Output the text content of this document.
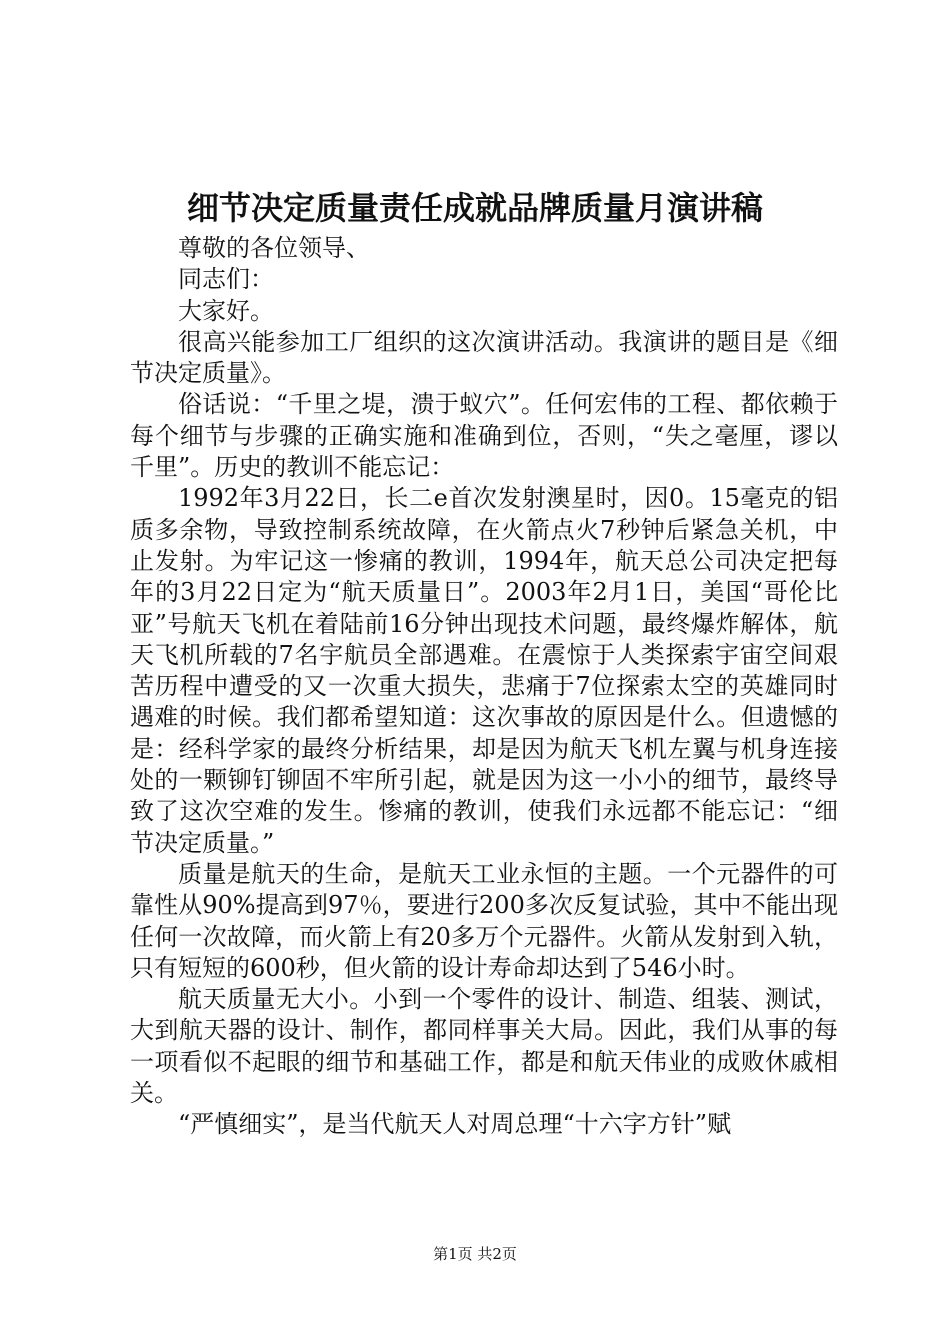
细节决定质量责任成就品牌质量月演讲稿

尊敬的各位领导、

同志们：

大家好。

很高兴能参加工厂组织的这次演讲活动。我演讲的题目是《细节决定质量》。

俗话说：“千里之堤，溃于蚁穴”。任何宏伟的工程、都依赖于每个细节与步骤的正确实施和准确到位，否则，“失之毫厘，谬以千里”。历史的教训不能忘记：

1992年3月22日，长二e首次发射澳星时，因0。15毫克的铝质多余物，导致控制系统故障，在火箭点火7秒钟后紧急关机，中止发射。为牢记这一惨痛的教训，1994年，航天总公司决定把每年的3月22日定为“航天质量日”。2003年2月1日，美国“哥伦比亚”号航天飞机在着陆前16分钟出现技术问题，最终爆炸解体，航天飞机所载的7名宇航员全部遇难。在震惊于人类探索宇宙空间艰苦历程中遭受的又一次重大损失，悲痛于7位探索太空的英雄同时遇难的时候。我们都希望知道：这次事故的原因是什么。但遗憾的是：经科学家的最终分析结果，却是因为航天飞机左翼与机身连接处的一颗铆钉铆固不牢所引起，就是因为这一小小的细节，最终导致了这次空难的发生。惨痛的教训，使我们永远都不能忘记：“细节决定质量。”

质量是航天的生命，是航天工业永恒的主题。一个元器件的可靠性从90%提高到97％，要进行200多次反复试验，其中不能出现任何一次故障，而火箭上有20多万个元器件。火箭从发射到入轨，只有短短的600秒，但火箭的设计寿命却达到了546小时。

航天质量无大小。小到一个零件的设计、制造、组装、测试，大到航天器的设计、制作，都同样事关大局。因此，我们从事的每一项看似不起眼的细节和基础工作，都是和航天伟业的成败休戚相关。

“严慎细实”，是当代航天人对周总理“十六字方针”赋

第1页 共2页
